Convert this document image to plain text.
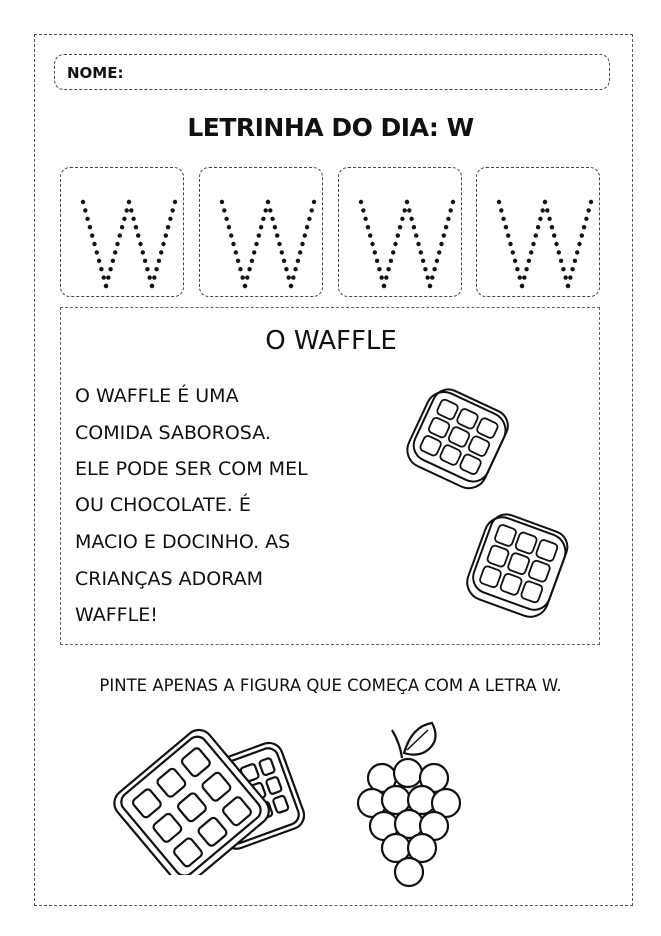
NOME:
LETRINHA DO DIA: W
O WAFFLE
O WAFFLE É UMA
COMIDA SABOROSA.
ELE PODE SER COM MEL
OU CHOCOLATE. É
MACIO E DOCINHO. AS
CRIANÇAS ADORAM
WAFFLE!
PINTE APENAS A FIGURA QUE COMEÇA COM A LETRA W.
